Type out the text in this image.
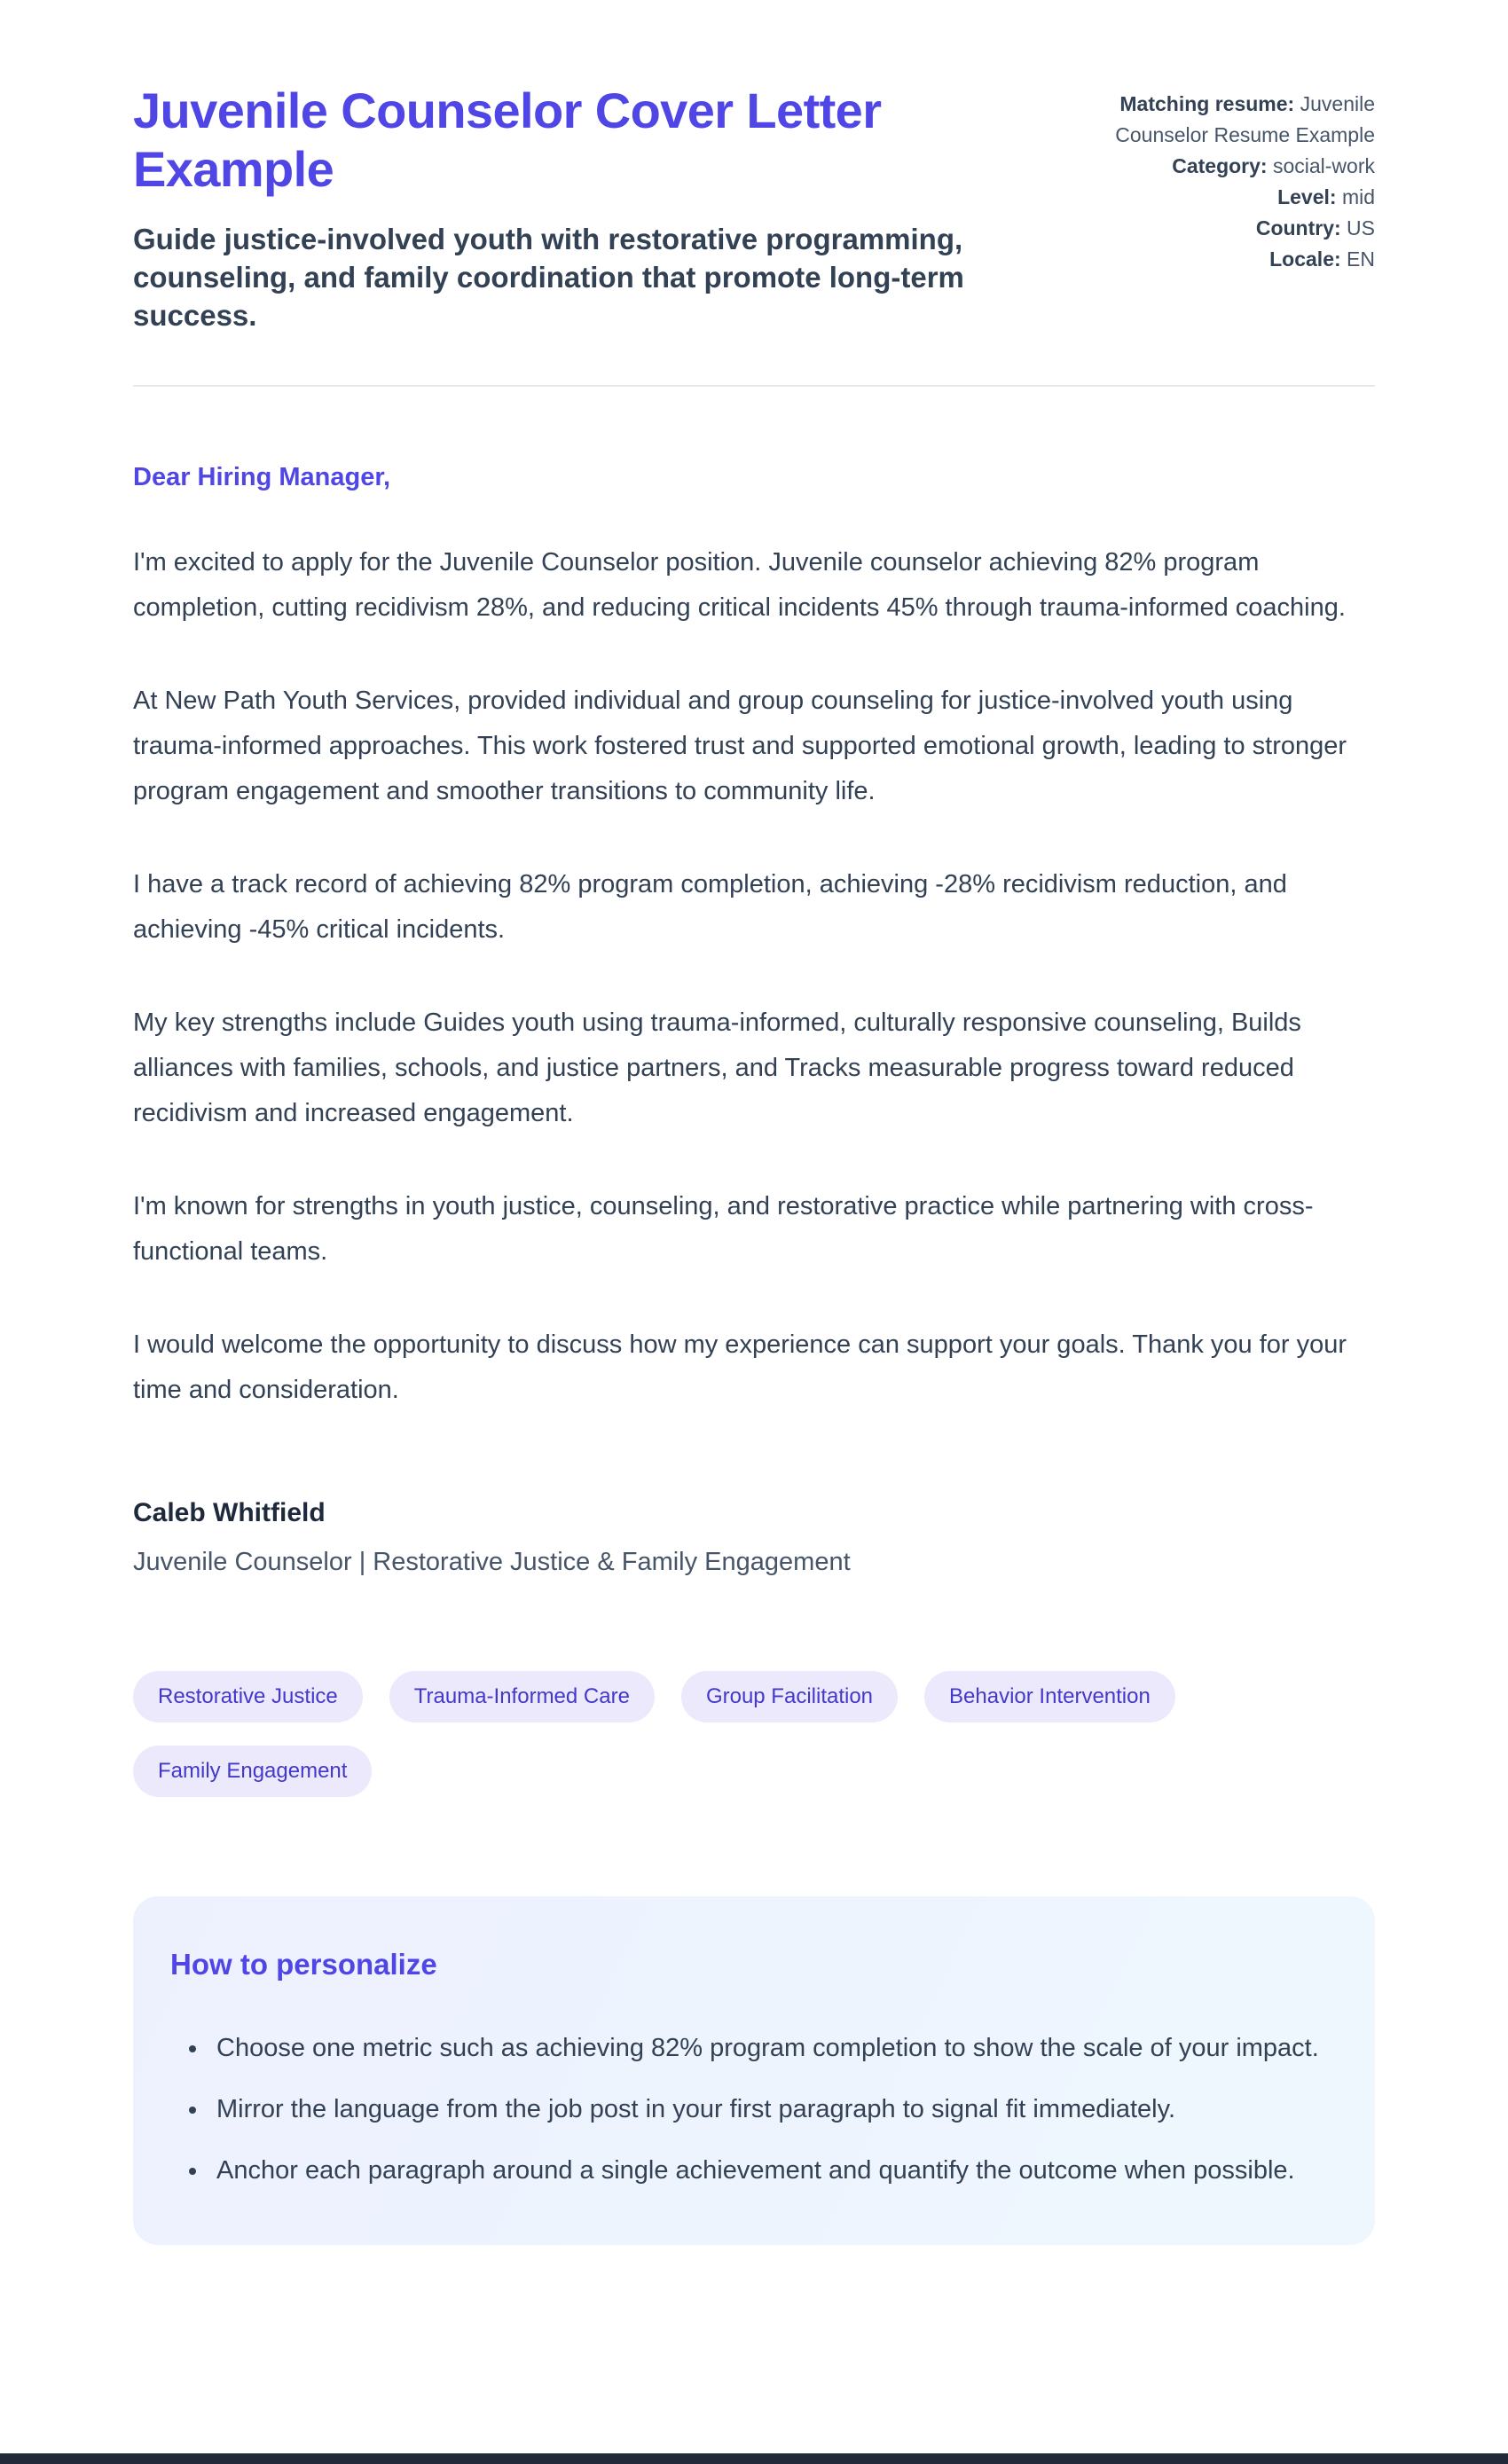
Juvenile Counselor Cover Letter Example

Guide justice-involved youth with restorative programming, counseling, and family coordination that promote long-term success.

Matching resume: Juvenile Counselor Resume Example
Category: social-work
Level: mid
Country: US
Locale: EN

Dear Hiring Manager,

I'm excited to apply for the Juvenile Counselor position. Juvenile counselor achieving 82% program completion, cutting recidivism 28%, and reducing critical incidents 45% through trauma-informed coaching.

At New Path Youth Services, provided individual and group counseling for justice-involved youth using trauma-informed approaches. This work fostered trust and supported emotional growth, leading to stronger program engagement and smoother transitions to community life.

I have a track record of achieving 82% program completion, achieving -28% recidivism reduction, and achieving -45% critical incidents.

My key strengths include Guides youth using trauma-informed, culturally responsive counseling, Builds alliances with families, schools, and justice partners, and Tracks measurable progress toward reduced recidivism and increased engagement.

I'm known for strengths in youth justice, counseling, and restorative practice while partnering with cross-functional teams.

I would welcome the opportunity to discuss how my experience can support your goals. Thank you for your time and consideration.

Caleb Whitfield

Juvenile Counselor | Restorative Justice & Family Engagement

Restorative Justice	Trauma-Informed Care	Group Facilitation	Behavior Intervention
Family Engagement
How to personalize
• Choose one metric such as achieving 82% program completion to show the scale of your impact.
• Mirror the language from the job post in your first paragraph to signal fit immediately.
• Anchor each paragraph around a single achievement and quantify the outcome when possible.
